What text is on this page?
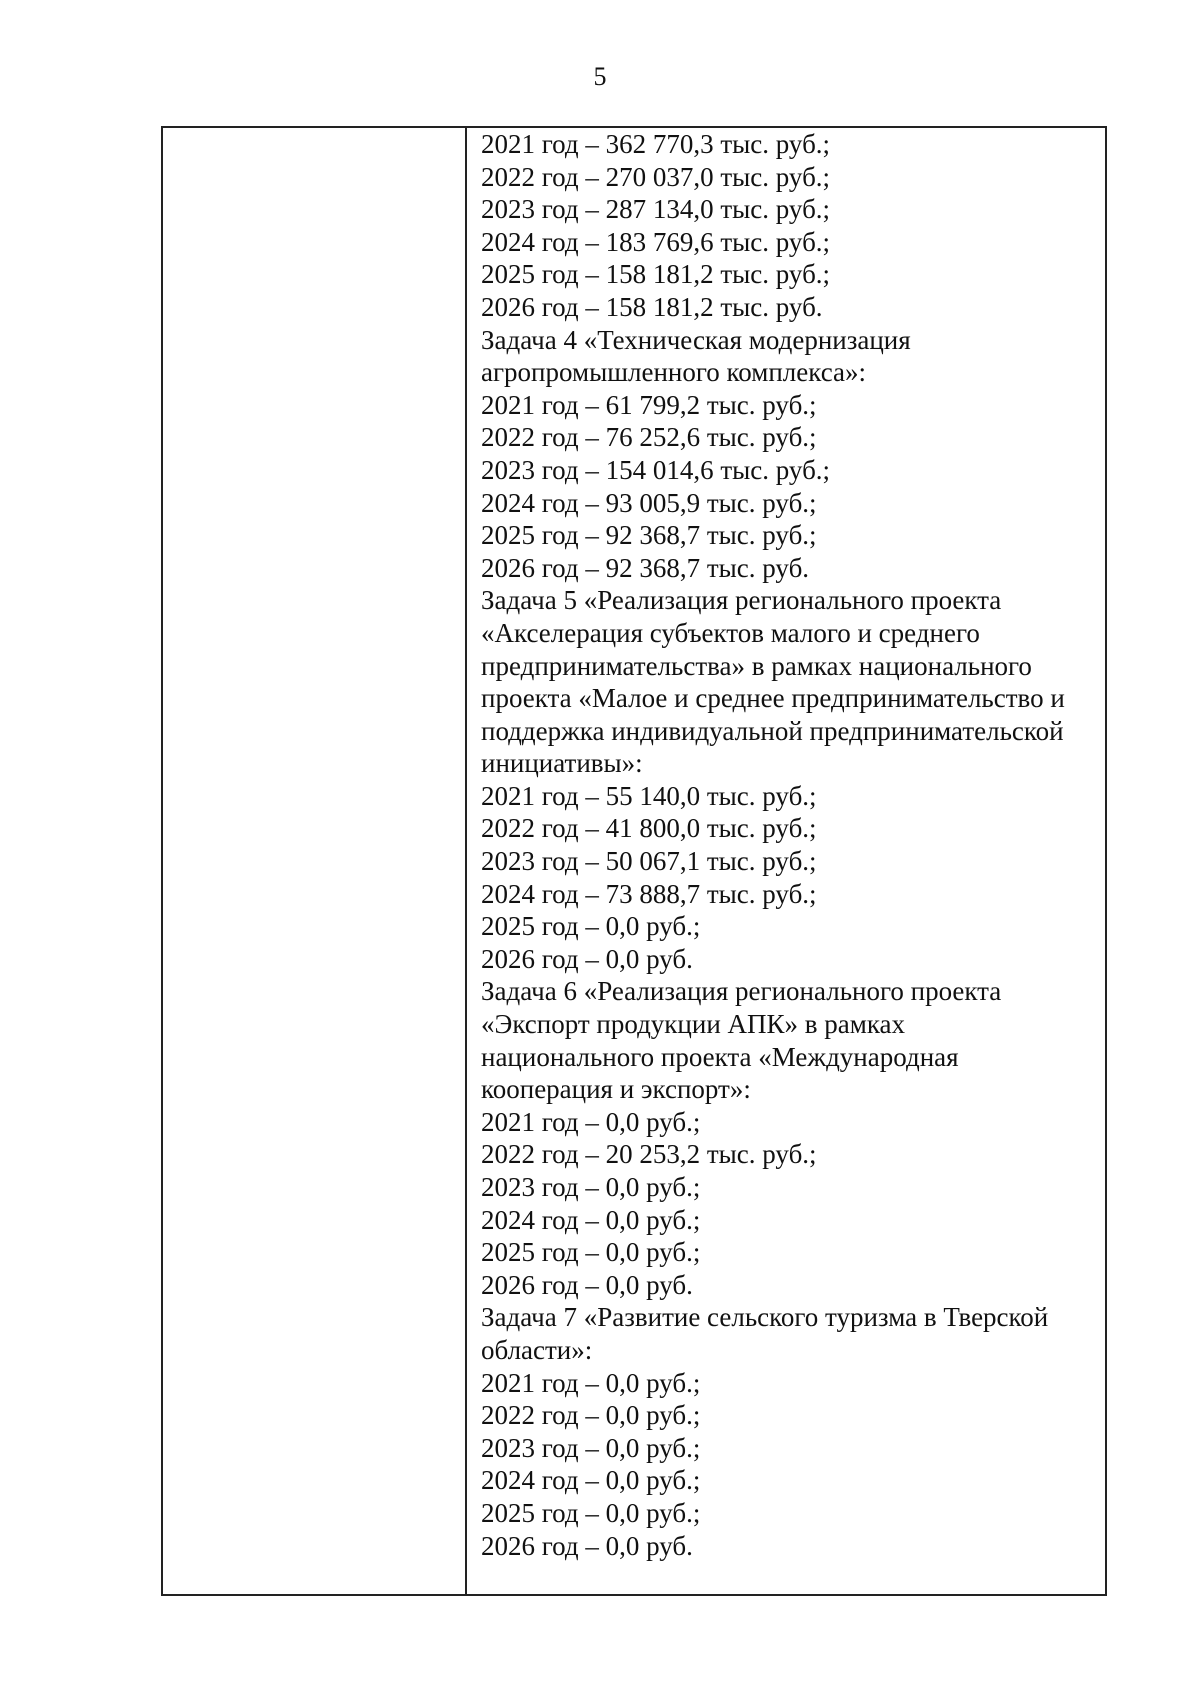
5
2021 год – 362 770,3 тыс. руб.;
2022 год – 270 037,0 тыс. руб.;
2023 год – 287 134,0 тыс. руб.;
2024 год – 183 769,6 тыс. руб.;
2025 год – 158 181,2 тыс. руб.;
2026 год – 158 181,2 тыс. руб.
Задача 4 «Техническая модернизация
агропромышленного комплекса»:
2021 год – 61 799,2 тыс. руб.;
2022 год – 76 252,6 тыс. руб.;
2023 год – 154 014,6 тыс. руб.;
2024 год – 93 005,9 тыс. руб.;
2025 год – 92 368,7 тыс. руб.;
2026 год – 92 368,7 тыс. руб.
Задача 5 «Реализация регионального проекта
«Акселерация субъектов малого и среднего
предпринимательства» в рамках национального
проекта «Малое и среднее предпринимательство и
поддержка индивидуальной предпринимательской
инициативы»:
2021 год – 55 140,0 тыс. руб.;
2022 год – 41 800,0 тыс. руб.;
2023 год – 50 067,1 тыс. руб.;
2024 год – 73 888,7 тыс. руб.;
2025 год – 0,0 руб.;
2026 год – 0,0 руб.
Задача 6 «Реализация регионального проекта
«Экспорт продукции АПК» в рамках
национального проекта «Международная
кооперация и экспорт»:
2021 год – 0,0 руб.;
2022 год – 20 253,2 тыс. руб.;
2023 год – 0,0 руб.;
2024 год – 0,0 руб.;
2025 год – 0,0 руб.;
2026 год – 0,0 руб.
Задача 7 «Развитие сельского туризма в Тверской
области»:
2021 год – 0,0 руб.;
2022 год – 0,0 руб.;
2023 год – 0,0 руб.;
2024 год – 0,0 руб.;
2025 год – 0,0 руб.;
2026 год – 0,0 руб.
